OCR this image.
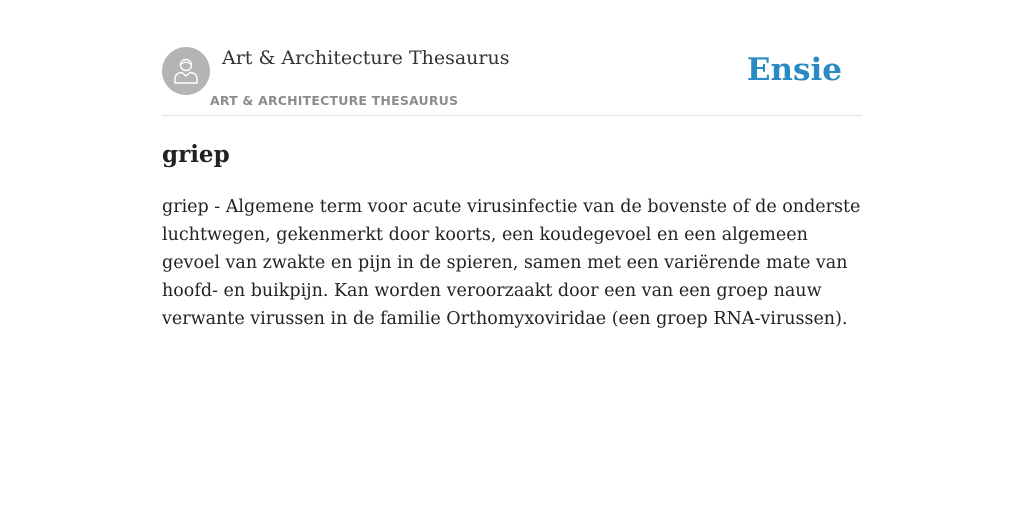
Art & Architecture Thesaurus
ART & ARCHITECTURE THESAURUS
Ensie
griep

griep - Algemene term voor acute virusinfectie van de bovenste of de onderste luchtwegen, gekenmerkt door koorts, een koudegevoel en een algemeen gevoel van zwakte en pijn in de spieren, samen met een variërende mate van hoofd- en buikpijn. Kan worden veroorzaakt door een van een groep nauw verwante virussen in de familie Orthomyxoviridae (een groep RNA-virussen).
